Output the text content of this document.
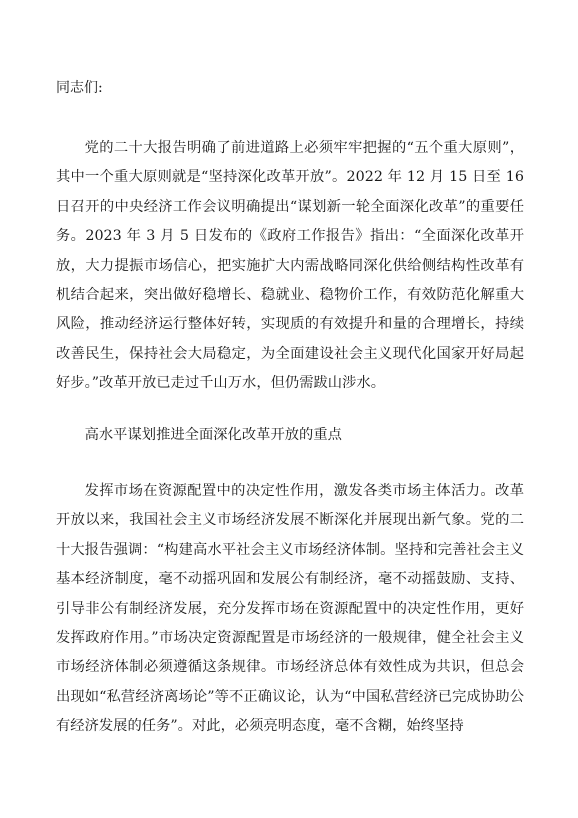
同志们:

党的二十大报告明确了前进道路上必须牢牢把握的“五个重大原则”，其中一个重大原则就是“坚持深化改革开放”。2022 年 12 月 15 日至 16 日召开的中央经济工作会议明确提出“谋划新一轮全面深化改革”的重要任务。2023 年 3 月 5 日发布的《政府工作报告》指出：“全面深化改革开放，大力提振市场信心，把实施扩大内需战略同深化供给侧结构性改革有机结合起来，突出做好稳增长、稳就业、稳物价工作，有效防范化解重大风险，推动经济运行整体好转，实现质的有效提升和量的合理增长，持续改善民生，保持社会大局稳定，为全面建设社会主义现代化国家开好局起好步。”改革开放已走过千山万水，但仍需跋山涉水。

高水平谋划推进全面深化改革开放的重点

发挥市场在资源配置中的决定性作用，激发各类市场主体活力。改革开放以来，我国社会主义市场经济发展不断深化并展现出新气象。党的二十大报告强调：“构建高水平社会主义市场经济体制。坚持和完善社会主义基本经济制度，毫不动摇巩固和发展公有制经济，毫不动摇鼓励、支持、引导非公有制经济发展，充分发挥市场在资源配置中的决定性作用，更好发挥政府作用。”市场决定资源配置是市场经济的一般规律，健全社会主义市场经济体制必须遵循这条规律。市场经济总体有效性成为共识，但总会出现如“私营经济离场论”等不正确议论，认为“中国私营经济已完成协助公有经济发展的任务”。对此，必须亮明态度，毫不含糊，始终坚持
